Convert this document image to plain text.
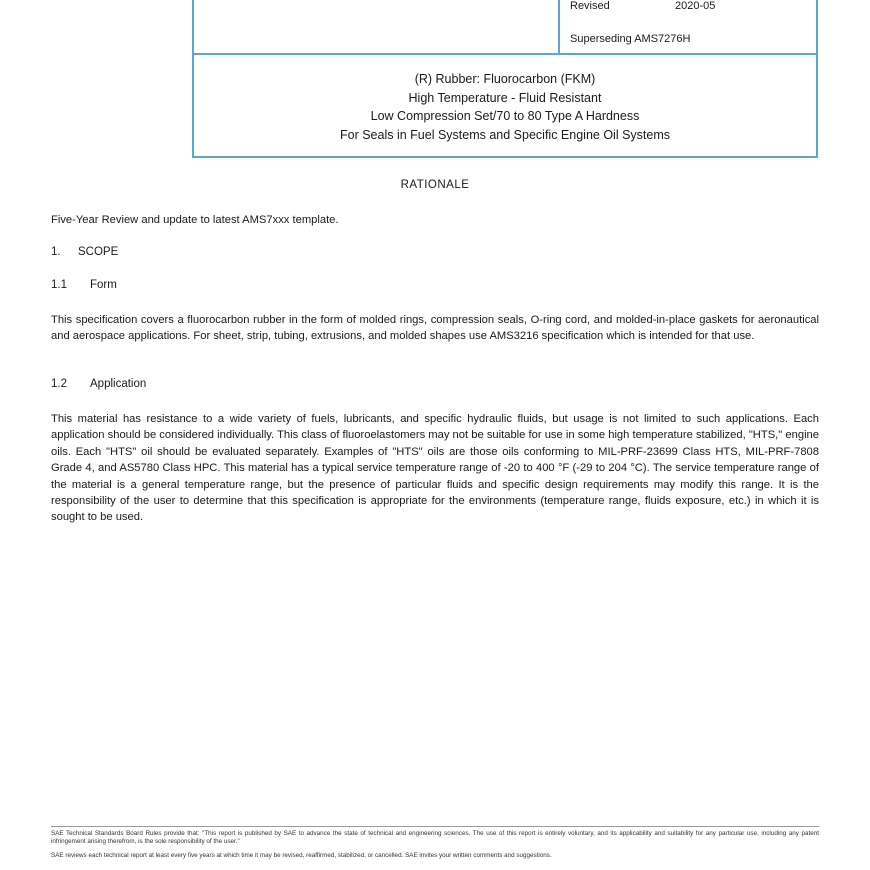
Revised	2020-05
Superseding AMS7276H
(R) Rubber: Fluorocarbon (FKM)
High Temperature - Fluid Resistant
Low Compression Set/70 to 80 Type A Hardness
For Seals in Fuel Systems and Specific Engine Oil Systems
RATIONALE
Five-Year Review and update to latest AMS7xxx template.
1. SCOPE
1.1 Form
This specification covers a fluorocarbon rubber in the form of molded rings, compression seals, O-ring cord, and molded-in-place gaskets for aeronautical and aerospace applications. For sheet, strip, tubing, extrusions, and molded shapes use AMS3216 specification which is intended for that use.
1.2 Application
This material has resistance to a wide variety of fuels, lubricants, and specific hydraulic fluids, but usage is not limited to such applications. Each application should be considered individually. This class of fluoroelastomers may not be suitable for use in some high temperature stabilized, "HTS," engine oils. Each "HTS" oil should be evaluated separately. Examples of "HTS" oils are those oils conforming to MIL-PRF-23699 Class HTS, MIL-PRF-7808 Grade 4, and AS5780 Class HPC. This material has a typical service temperature range of -20 to 400 °F (-29 to 204 °C). The service temperature range of the material is a general temperature range, but the presence of particular fluids and specific design requirements may modify this range. It is the responsibility of the user to determine that this specification is appropriate for the environments (temperature range, fluids exposure, etc.) in which it is sought to be used.
SAE Technical Standards Board Rules provide that: "This report is published by SAE to advance the state of technical and engineering sciences. The use of this report is entirely voluntary, and its applicability and suitability for any particular use, including any patent infringement arising therefrom, is the sole responsibility of the user."
SAE reviews each technical report at least every five years at which time it may be revised, reaffirmed, stabilized, or cancelled. SAE invites your written comments and suggestions.
